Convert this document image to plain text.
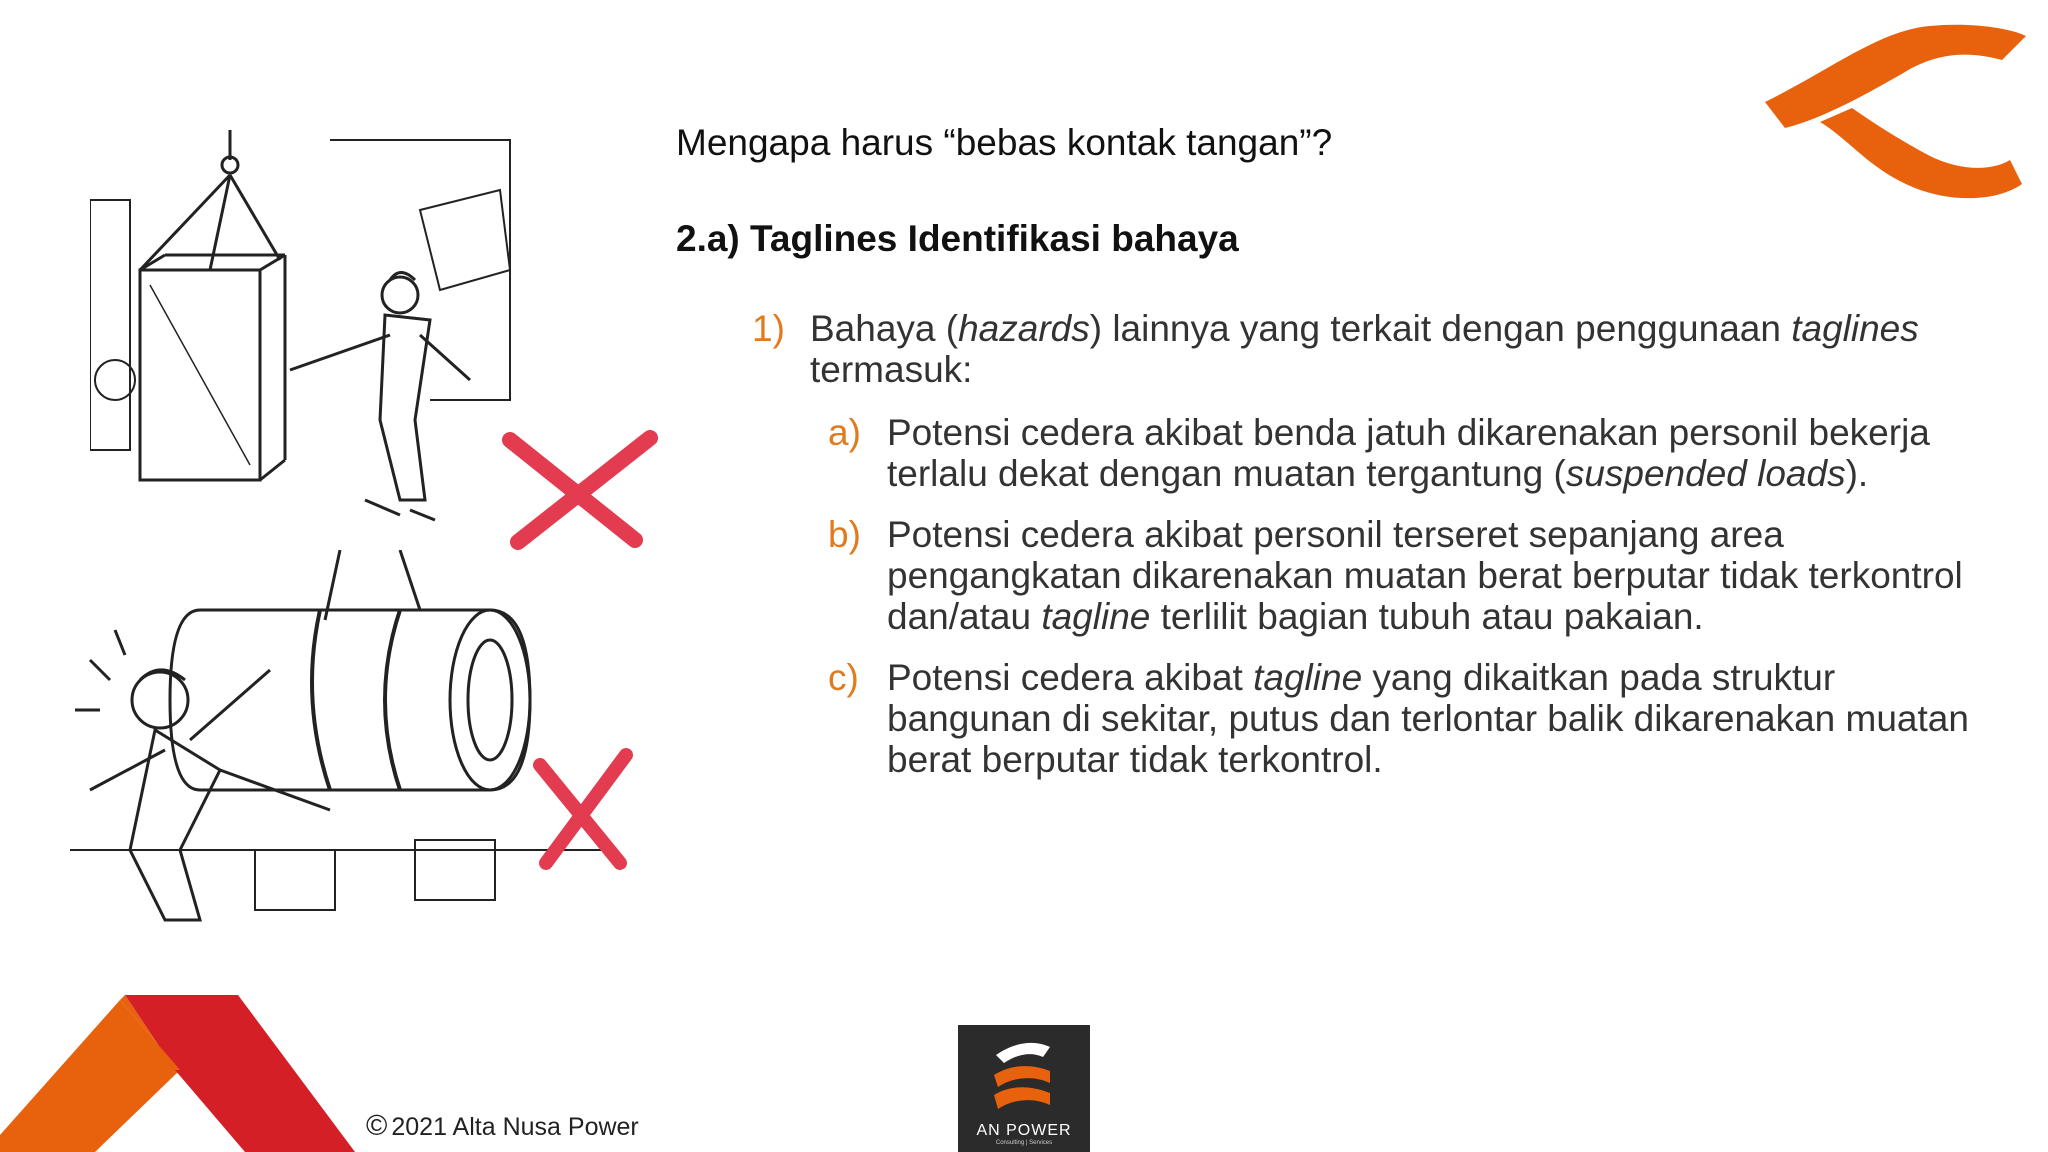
Mengapa harus “bebas kontak tangan”?
2.a) Taglines Identifikasi bahaya
1) Bahaya (hazards) lainnya yang terkait dengan penggunaan taglines termasuk:
a) Potensi cedera akibat benda jatuh dikarenakan personil bekerja terlalu dekat dengan muatan tergantung (suspended loads).
b) Potensi cedera akibat personil terseret sepanjang area pengangkatan dikarenakan muatan berat berputar tidak terkontrol dan/atau tagline terlilit bagian tubuh atau pakaian.
c) Potensi cedera akibat tagline yang dikaitkan pada struktur bangunan di sekitar, putus dan terlontar balik dikarenakan muatan berat berputar tidak terkontrol.
© 2021 Alta Nusa Power	AN POWER
Consulting | Services
